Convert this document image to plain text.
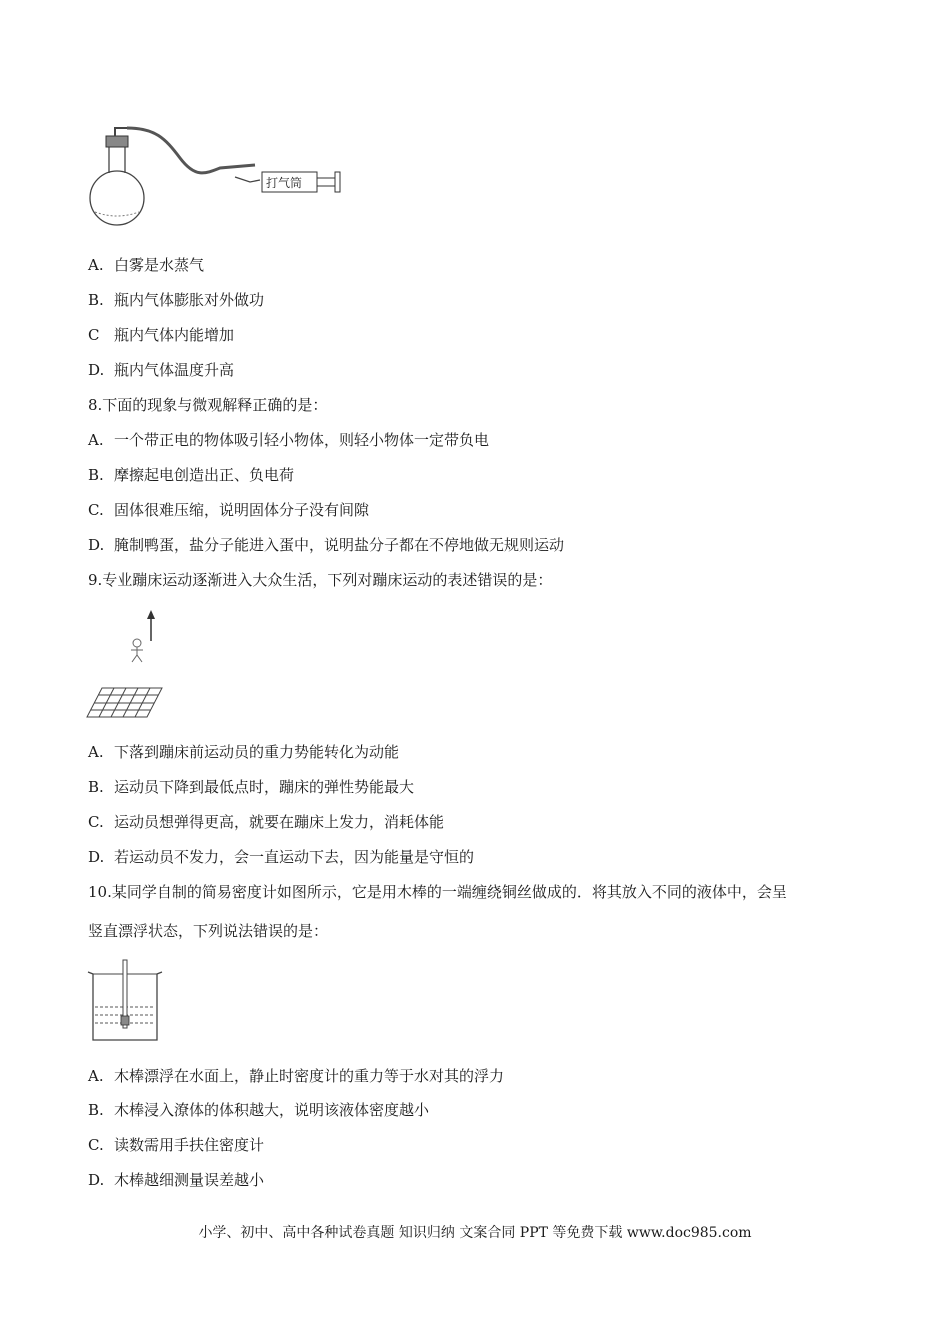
打气筒
A. 白雾是水蒸气
B. 瓶内气体膨胀对外做功
C 瓶内气体内能增加
D. 瓶内气体温度升高
8.下面的现象与微观解释正确的是：
A. 一个带正电的物体吸引轻小物体，则轻小物体一定带负电
B. 摩擦起电创造出正、负电荷
C. 固体很难压缩，说明固体分子没有间隙
D. 腌制鸭蛋，盐分子能进入蛋中，说明盐分子都在不停地做无规则运动
9.专业蹦床运动逐渐进入大众生活，下列对蹦床运动的表述错误的是：
A. 下落到蹦床前运动员的重力势能转化为动能
B. 运动员下降到最低点时，蹦床的弹性势能最大
C. 运动员想弹得更高，就要在蹦床上发力，消耗体能
D. 若运动员不发力，会一直运动下去，因为能量是守恒的
10.某同学自制的简易密度计如图所示，它是用木棒的一端缠绕铜丝做成的．将其放入不同的液体中，会呈
竖直漂浮状态，下列说法错误的是：
A. 木棒漂浮在水面上，静止时密度计的重力等于水对其的浮力
B. 木棒浸入潦体的体积越大，说明该液体密度越小
C. 读数需用手扶住密度计
D. 木棒越细测量误差越小
小学、初中、高中各种试卷真题 知识归纳 文案合同 PPT 等免费下载 www.doc985.com
